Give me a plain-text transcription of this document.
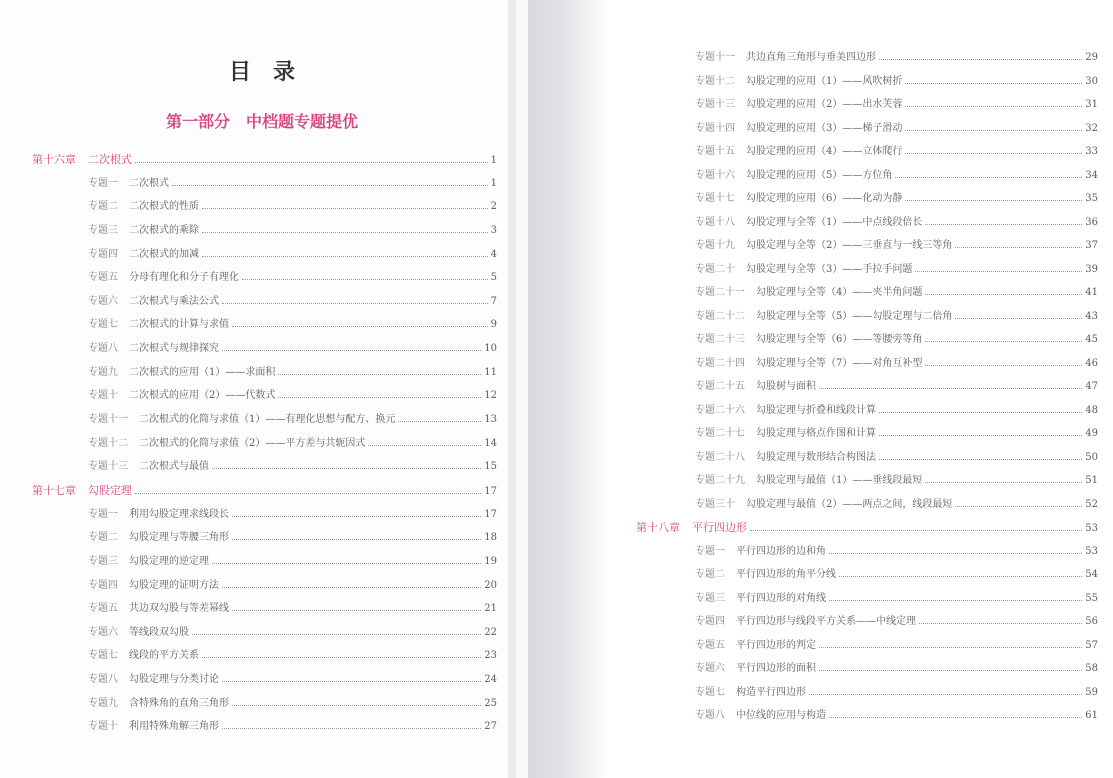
目　录
第一部分　中档题专题提优
第十六章 二次根式	1
专题一 二次根式	1
专题二 二次根式的性质	2
专题三 二次根式的乘除	3
专题四 二次根式的加减	4
专题五 分母有理化和分子有理化	5
专题六 二次根式与乘法公式	7
专题七 二次根式的计算与求值	9
专题八 二次根式与规律探究	10
专题九 二次根式的应用（1）——求面积	11
专题十 二次根式的应用（2）——代数式	12
专题十一 二次根式的化简与求值（1）——有理化思想与配方、换元	13
专题十二 二次根式的化简与求值（2）——平方差与共轭因式	14
专题十三 二次根式与最值	15
第十七章 勾股定理	17
专题一 利用勾股定理求线段长	17
专题二 勾股定理与等腰三角形	18
专题三 勾股定理的逆定理	19
专题四 勾股定理的证明方法	20
专题五 共边双勾股与等差幂线	21
专题六 等线段双勾股	22
专题七 线段的平方关系	23
专题八 勾股定理与分类讨论	24
专题九 含特殊角的直角三角形	25
专题十 利用特殊角解三角形	27
专题十一 共边直角三角形与垂美四边形	29
专题十二 勾股定理的应用（1）——风吹树折	30
专题十三 勾股定理的应用（2）——出水芙蓉	31
专题十四 勾股定理的应用（3）——梯子滑动	32
专题十五 勾股定理的应用（4）——立体爬行	33
专题十六 勾股定理的应用（5）——方位角	34
专题十七 勾股定理的应用（6）——化动为静	35
专题十八 勾股定理与全等（1）——中点线段倍长	36
专题十九 勾股定理与全等（2）——三垂直与一线三等角	37
专题二十 勾股定理与全等（3）——手拉手问题	39
专题二十一 勾股定理与全等（4）——夹半角问题	41
专题二十二 勾股定理与全等（5）——勾股定理与二倍角	43
专题二十三 勾股定理与全等（6）——等腰旁等角	45
专题二十四 勾股定理与全等（7）——对角互补型	46
专题二十五 勾股树与面积	47
专题二十六 勾股定理与折叠和线段计算	48
专题二十七 勾股定理与格点作图和计算	49
专题二十八 勾股定理与数形结合构图法	50
专题二十九 勾股定理与最值（1）——垂线段最短	51
专题三十 勾股定理与最值（2）——两点之间，线段最短	52
第十八章 平行四边形	53
专题一 平行四边形的边和角	53
专题二 平行四边形的角平分线	54
专题三 平行四边形的对角线	55
专题四 平行四边形与线段平方关系——中线定理	56
专题五 平行四边形的判定	57
专题六 平行四边形的面积	58
专题七 构造平行四边形	59
专题八 中位线的应用与构造	61
